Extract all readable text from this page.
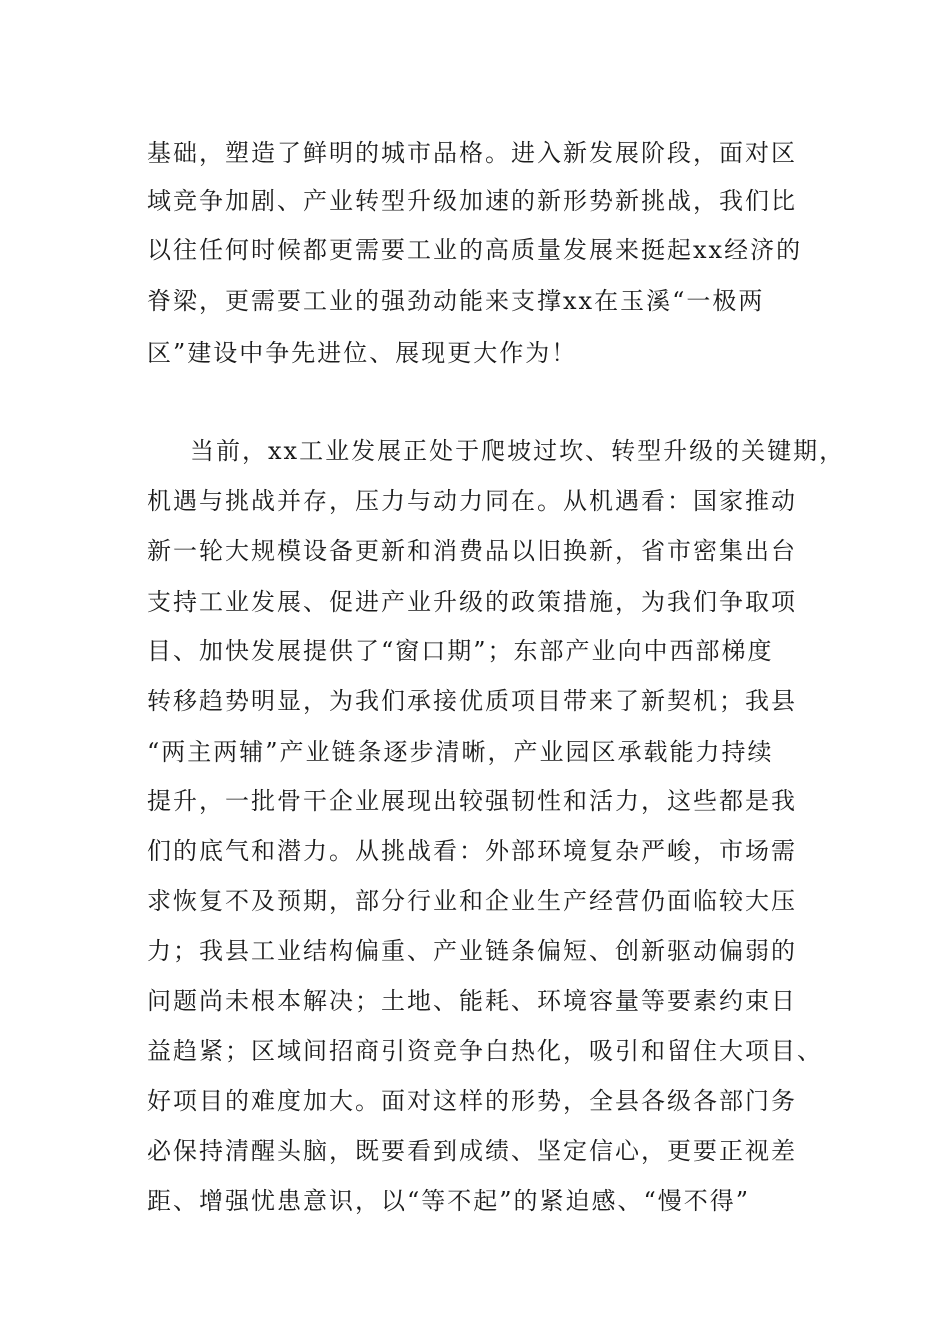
基础，塑造了鲜明的城市品格。进入新发展阶段，面对区

域竞争加剧、产业转型升级加速的新形势新挑战，我们比

以往任何时候都更需要工业的高质量发展来挺起xx经济的

脊梁，更需要工业的强劲动能来支撑xx在玉溪“一极两

区”建设中争先进位、展现更大作为！

当前，xx工业发展正处于爬坡过坎、转型升级的关键期，

机遇与挑战并存，压力与动力同在。从机遇看：国家推动

新一轮大规模设备更新和消费品以旧换新，省市密集出台

支持工业发展、促进产业升级的政策措施，为我们争取项

目、加快发展提供了“窗口期”；东部产业向中西部梯度

转移趋势明显，为我们承接优质项目带来了新契机；我县

“两主两辅”产业链条逐步清晰，产业园区承载能力持续

提升，一批骨干企业展现出较强韧性和活力，这些都是我

们的底气和潜力。从挑战看：外部环境复杂严峻，市场需

求恢复不及预期，部分行业和企业生产经营仍面临较大压

力；我县工业结构偏重、产业链条偏短、创新驱动偏弱的

问题尚未根本解决；土地、能耗、环境容量等要素约束日

益趋紧；区域间招商引资竞争白热化，吸引和留住大项目、

好项目的难度加大。面对这样的形势，全县各级各部门务

必保持清醒头脑，既要看到成绩、坚定信心，更要正视差

距、增强忧患意识，以“等不起”的紧迫感、“慢不得”
